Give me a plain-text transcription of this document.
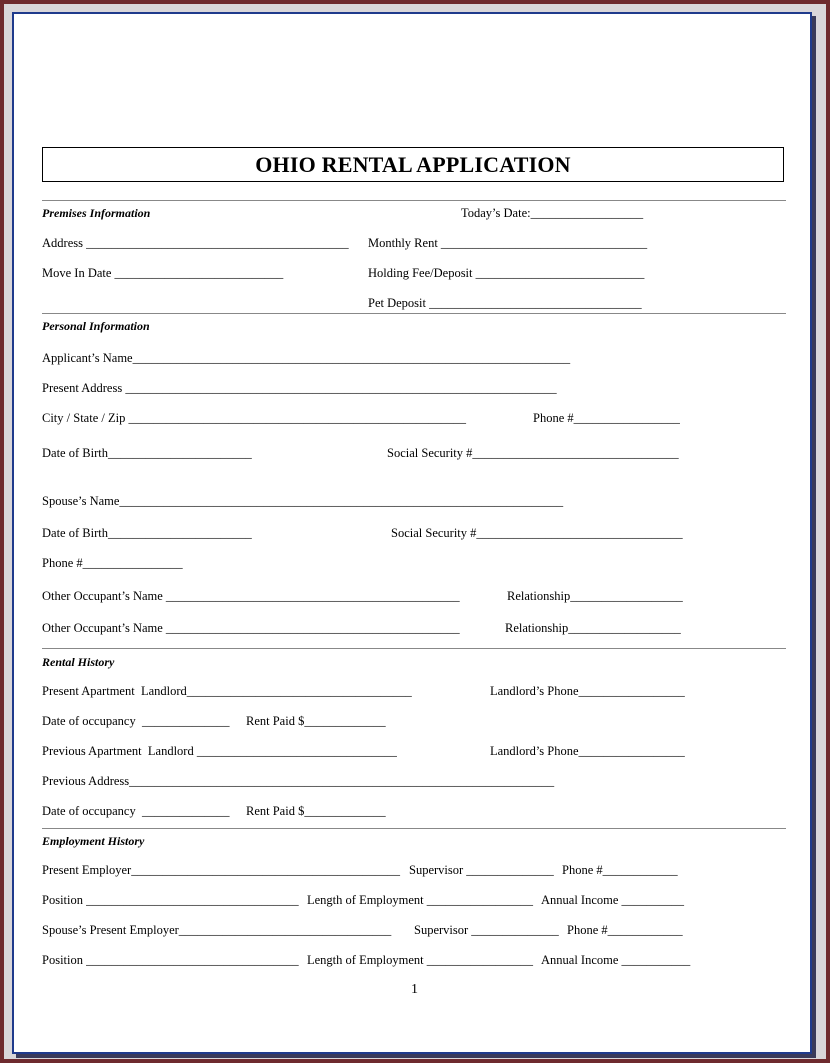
OHIO RENTAL APPLICATION
Premises Information	Today’s Date:__________________
Address __________________________________________ Monthly Rent _________________________________
Move In Date ___________________________	Holding Fee/Deposit ___________________________
Pet Deposit __________________________________
Personal Information
Applicant’s Name______________________________________________________________________
Present Address _____________________________________________________________________
City / State / Zip ______________________________________________________	Phone #_________________
Date of Birth_______________________	Social Security #_________________________________
Spouse’s Name_______________________________________________________________________
Date of Birth_______________________	Social Security #_________________________________
Phone #________________
Other Occupant’s Name _______________________________________________	Relationship__________________
Other Occupant’s Name _______________________________________________	Relationship__________________
Rental History
Present Apartment  Landlord____________________________________	Landlord’s Phone_________________
Date of occupancy  ______________ Rent Paid $_____________
Previous Apartment  Landlord ________________________________	Landlord’s Phone_________________
Previous Address____________________________________________________________________
Date of occupancy  ______________ Rent Paid $_____________
Employment History
Present Employer___________________________________________ Supervisor ______________ Phone #____________
Position __________________________________ Length of Employment _________________ Annual Income __________
Spouse’s Present Employer__________________________________ Supervisor ______________ Phone #____________
Position __________________________________ Length of Employment _________________ Annual Income ___________
1
